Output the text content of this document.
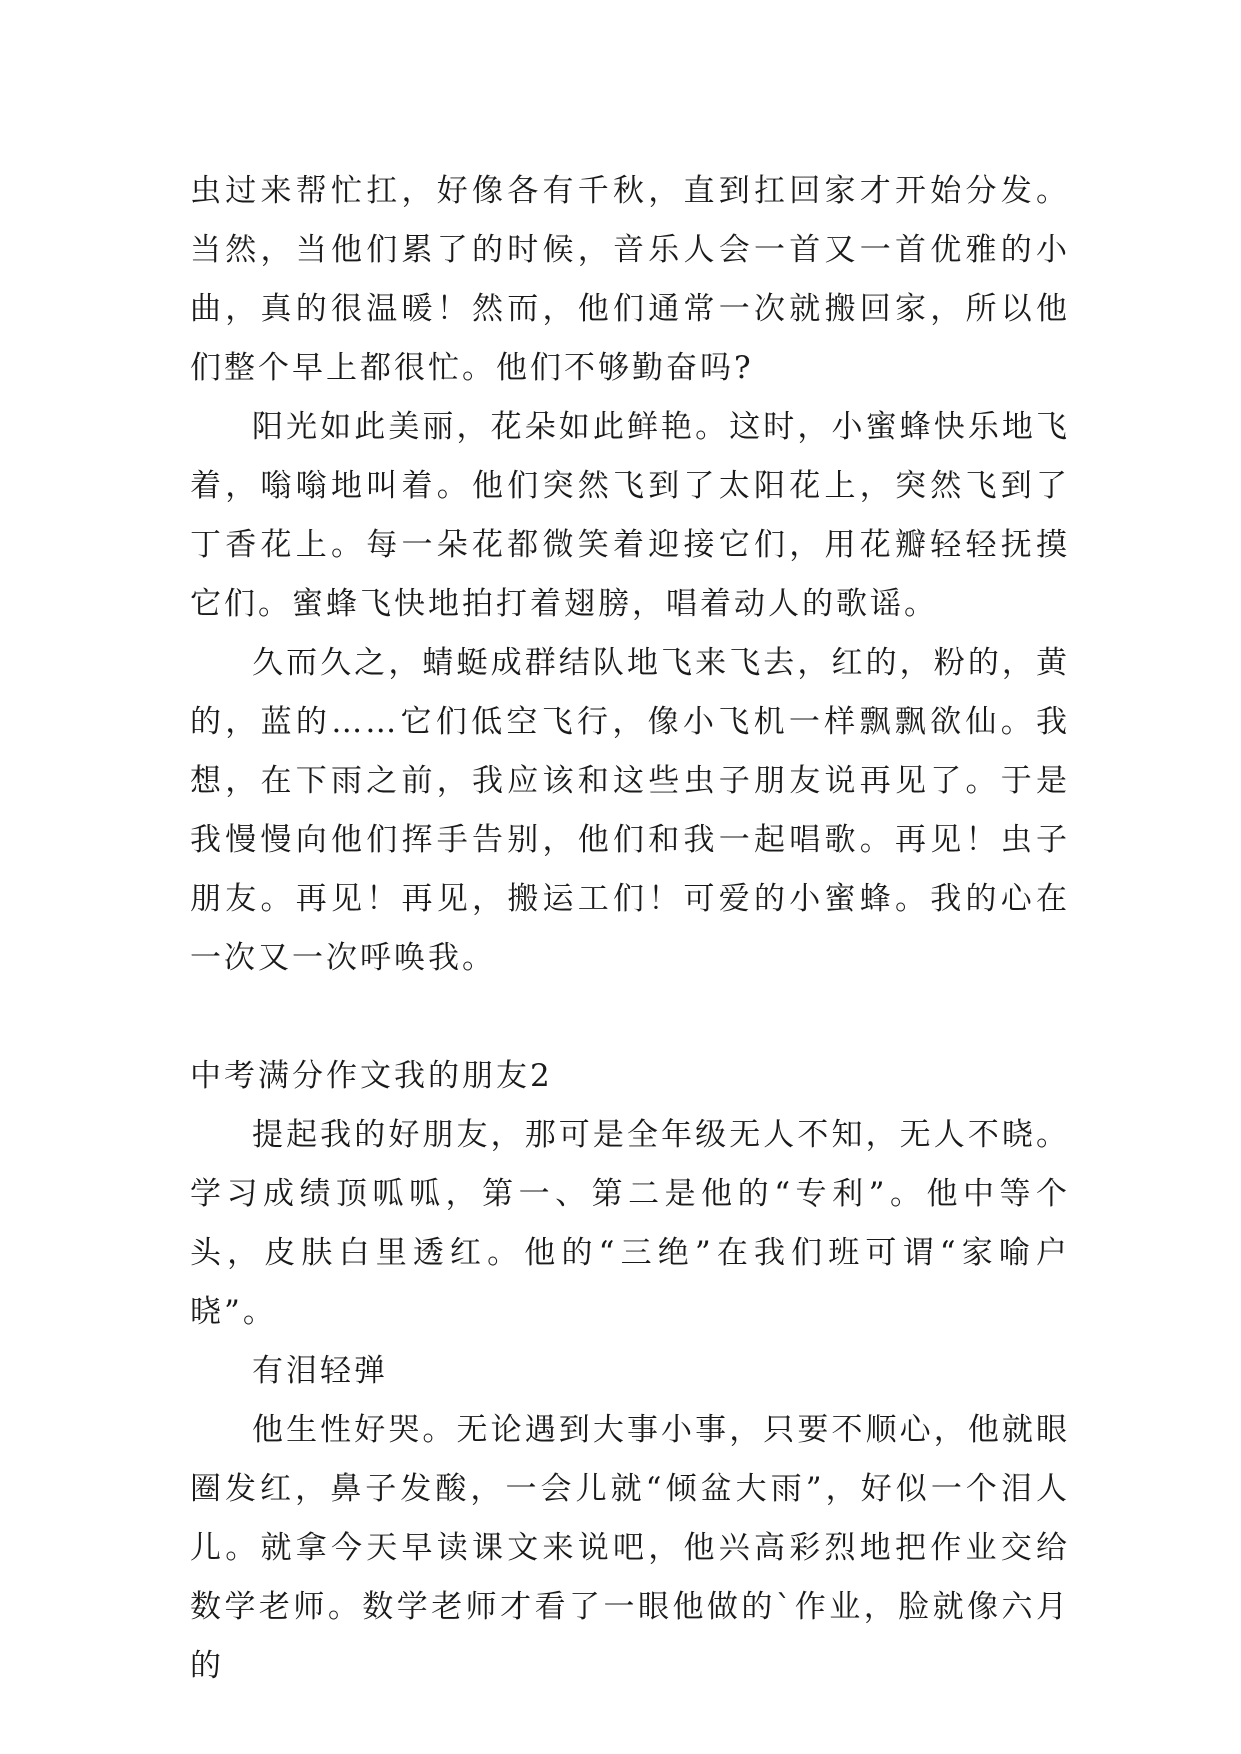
虫过来帮忙扛，好像各有千秋，直到扛回家才开始分发。当然，当他们累了的时候，音乐人会一首又一首优雅的小曲，真的很温暖！然而，他们通常一次就搬回家，所以他们整个早上都很忙。他们不够勤奋吗?

阳光如此美丽，花朵如此鲜艳。这时，小蜜蜂快乐地飞着，嗡嗡地叫着。他们突然飞到了太阳花上，突然飞到了丁香花上。每一朵花都微笑着迎接它们，用花瓣轻轻抚摸它们。蜜蜂飞快地拍打着翅膀，唱着动人的歌谣。

久而久之，蜻蜓成群结队地飞来飞去，红的，粉的，黄的，蓝的……它们低空飞行，像小飞机一样飘飘欲仙。我想，在下雨之前，我应该和这些虫子朋友说再见了。于是我慢慢向他们挥手告别，他们和我一起唱歌。再见！虫子朋友。再见！再见，搬运工们！可爱的小蜜蜂。我的心在一次又一次呼唤我。

中考满分作文我的朋友2

提起我的好朋友，那可是全年级无人不知，无人不晓。学习成绩顶呱呱，第一、第二是他的“专利”。他中等个头，皮肤白里透红。他的“三绝”在我们班可谓“家喻户晓”。

有泪轻弹

他生性好哭。无论遇到大事小事，只要不顺心，他就眼圈发红，鼻子发酸，一会儿就“倾盆大雨”，好似一个泪人儿。就拿今天早读课文来说吧，他兴高彩烈地把作业交给数学老师。数学老师才看了一眼他做的`作业，脸就像六月的
